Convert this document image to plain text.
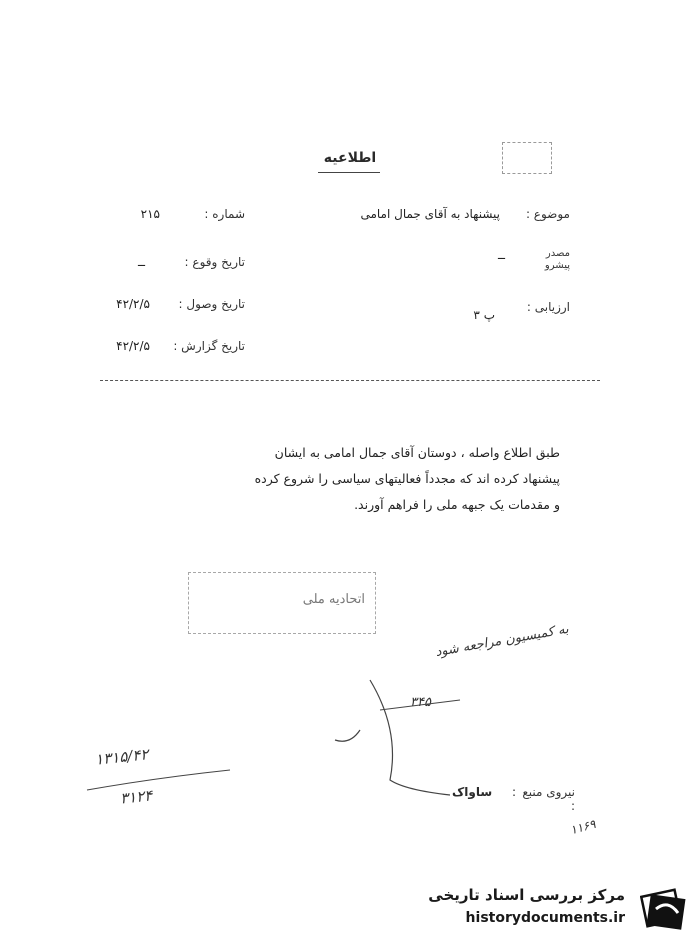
اطلاعیه
موضوع :
پیشنهاد به آقای جمال امامی
شماره :
۲۱۵
مصدر پیشرو
ــ
تاریخ وقوع :
ــ
ارزیابی :
پ ۳
تاریخ وصول :
۴۲/۲/۵
تاریخ گزارش :
۴۲/۲/۵
طبق اطلاع واصله ، دوستان آقای جمال امامی به ایشان
پیشنهاد کرده اند که مجدداً فعالیتهای سیاسی را شروع کرده
و مقدمات یک جبهه ملی را فراهم آورند.
اتحادیه ملی
به کمیسیون مراجعه شود
۳۴۵
۱۳۱۵/۴۲
۳۱۲۴
۱۱۶۹
:
ساواک	نیروی منبع :
مرکز بررسی اسناد تاریخی
historydocuments.ir
